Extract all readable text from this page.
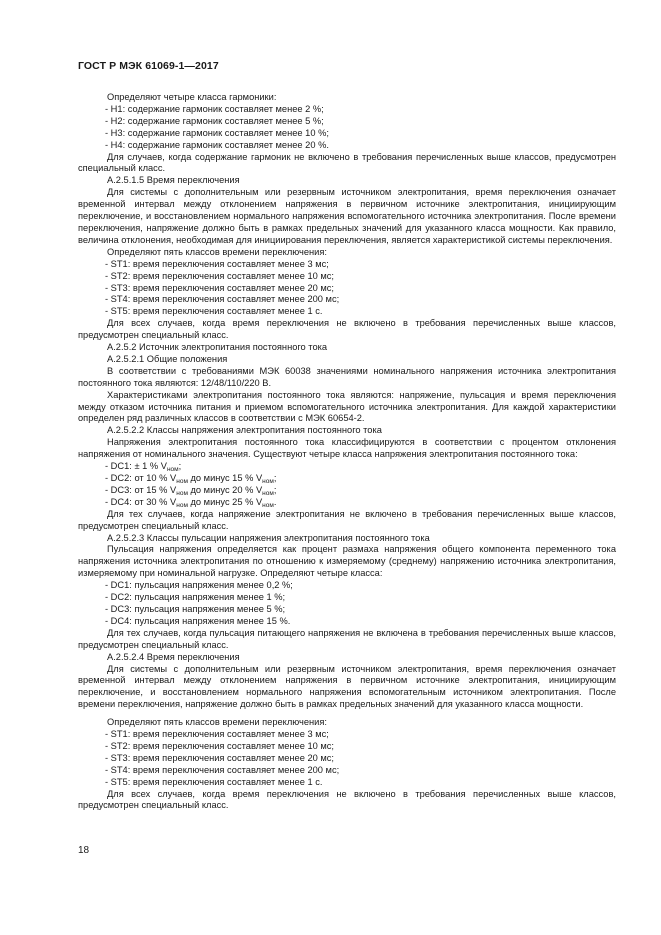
ГОСТ Р МЭК 61069-1—2017

Определяют четыре класса гармоники:

- H1: содержание гармоник составляет менее 2 %;

- H2: содержание гармоник составляет менее 5 %;

- H3: содержание гармоник составляет менее 10 %;

- H4: содержание гармоник составляет менее 20 %.

Для случаев, когда содержание гармоник не включено в требования перечисленных выше классов, предусмотрен специальный класс.

А.2.5.1.5 Время переключения

Для системы с дополнительным или резервным источником электропитания, время переключения означает временной интервал между отклонением напряжения в первичном источнике электропитания, инициирующим переключение, и восстановлением нормального напряжения вспомогательного источника электропитания. После времени переключения, напряжение должно быть в рамках предельных значений для указанного класса мощности. Как правило, величина отклонения, необходимая для инициирования переключения, является характеристикой системы переключения.

Определяют пять классов времени переключения:

- ST1: время переключения составляет менее 3 мс;

- ST2: время переключения составляет менее 10 мс;

- ST3: время переключения составляет менее 20 мс;

- ST4: время переключения составляет менее 200 мс;

- ST5: время переключения составляет менее 1 с.

Для всех случаев, когда время переключения не включено в требования перечисленных выше классов, предусмотрен специальный класс.

А.2.5.2 Источник электропитания постоянного тока

А.2.5.2.1 Общие положения

В соответствии с требованиями МЭК 60038 значениями номинального напряжения источника электропитания постоянного тока являются: 12/48/110/220 В.

Характеристиками электропитания постоянного тока являются: напряжение, пульсация и время переключения между отказом источника питания и приемом вспомогательного источника электропитания. Для каждой характеристики определен ряд различных классов в соответствии с МЭК 60654-2.

А.2.5.2.2 Классы напряжения электропитания постоянного тока

Напряжения электропитания постоянного тока классифицируются в соответствии с процентом отклонения напряжения от номинального значения. Существуют четыре класса напряжения электропитания постоянного тока:

- DC1: ± 1 % $V_{ном}$;

- DC2: от 10 % $V_{ном}$ до минус 15 % $V_{ном}$;

- DC3: от 15 % $V_{ном}$ до минус 20 % $V_{ном}$;

- DC4: от 30 % $V_{ном}$ до минус 25 % $V_{ном}$.

Для тех случаев, когда напряжение электропитания не включено в требования перечисленных выше классов, предусмотрен специальный класс.

А.2.5.2.3 Классы пульсации напряжения электропитания постоянного тока

Пульсация напряжения определяется как процент размаха напряжения общего компонента переменного тока напряжения источника электропитания по отношению к измеряемому (среднему) напряжению источника электропитания, измеряемому при номинальной нагрузке. Определяют четыре класса:

- DC1: пульсация напряжения менее 0,2 %;

- DC2: пульсация напряжения менее 1 %;

- DC3: пульсация напряжения менее 5 %;

- DC4: пульсация напряжения менее 15 %.

Для тех случаев, когда пульсация питающего напряжения не включена в требования перечисленных выше классов, предусмотрен специальный класс.

А.2.5.2.4 Время переключения

Для системы с дополнительным или резервным источником электропитания, время переключения означает временной интервал между отклонением напряжения в первичном источнике электропитания, инициирующим переключение, и восстановлением нормального напряжения вспомогательным источником электропитания. После времени переключения, напряжение должно быть в рамках предельных значений для указанного класса мощности.

Определяют пять классов времени переключения:

- ST1: время переключения составляет менее 3 мс;

- ST2: время переключения составляет менее 10 мс;

- ST3: время переключения составляет менее 20 мс;

- ST4: время переключения составляет менее 200 мс;

- ST5: время переключения составляет менее 1 с.

Для всех случаев, когда время переключения не включено в требования перечисленных выше классов, предусмотрен специальный класс.

18
